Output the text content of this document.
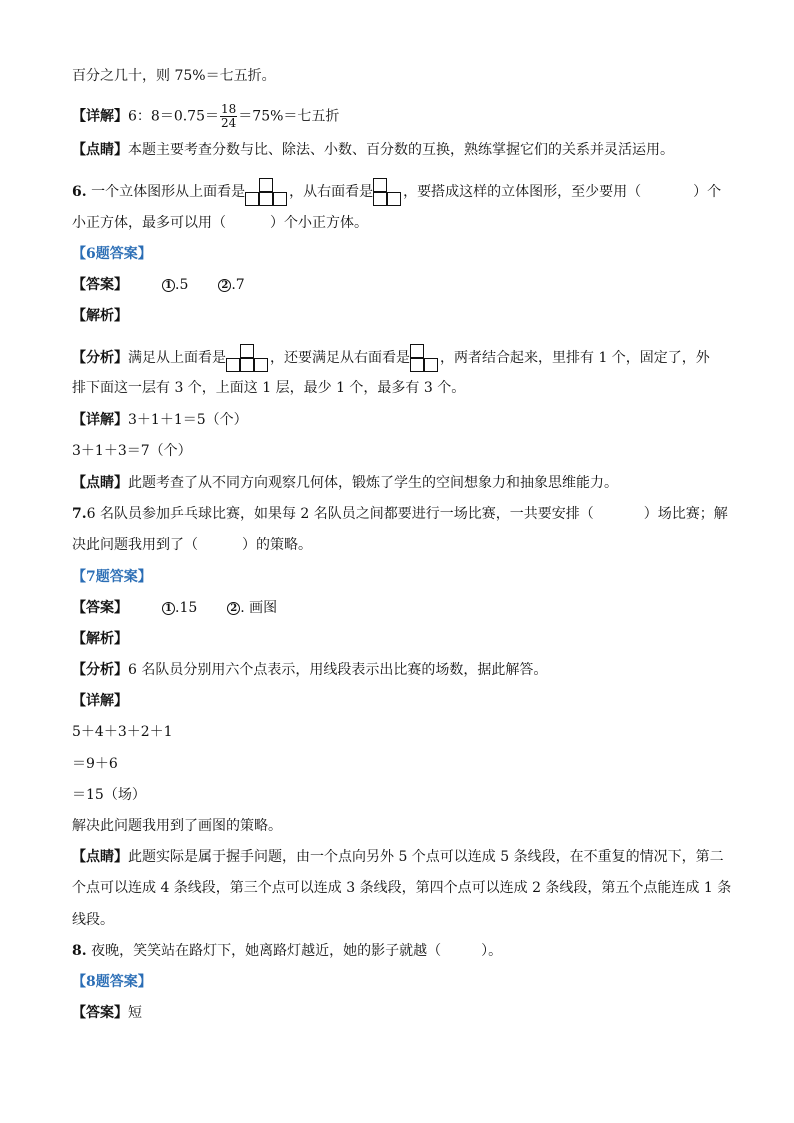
百分之几十，则 75%＝七五折。
【详解】6：$8=0.75= \frac{18}{24} =75\%=$七五折
【点睛】本题主要考查分数与比、除法、小数、百分数的互换，熟练掌握它们的关系并灵活运用。
6. 一个立体图形从上面看是	，从右面看是 ，要搭成这样的立体图形，至少要用（	）个
小正方体，最多可以用（	）个小正方体。
【6题答案】
【答案】	1 .5	2 .7
【解析】
【分析】满足从上面看是	，还要满足从右面看是 ，两者结合起来，里排有 1 个，固定了，外
排下面这一层有 3 个，上面这 1 层，最少 1 个，最多有 3 个。
【详解】3＋1＋1＝5（个）
3＋1＋3＝7（个）
【点睛】此题考查了从不同方向观察几何体，锻炼了学生的空间想象力和抽象思维能力。
7.6 名队员参加乒乓球比赛，如果每 2 名队员之间都要进行一场比赛，一共要安排（	）场比赛；解
决此问题我用到了（	）的策略。
【7题答案】
【答案】	1 .15	2 . 画图
【解析】
【分析】6 名队员分别用六个点表示，用线段表示出比赛的场数，据此解答。
【详解】
5＋4＋3＋2＋1
＝9＋6
＝15（场）
解决此问题我用到了画图的策略。
【点睛】此题实际是属于握手问题，由一个点向另外 5 个点可以连成 5 条线段，在不重复的情况下，第二
个点可以连成 4 条线段，第三个点可以连成 3 条线段，第四个点可以连成 2 条线段，第五个点能连成 1 条
线段。
8. 夜晚，笑笑站在路灯下，她离路灯越近，她的影子就越（	）。
【8题答案】
【答案】短
